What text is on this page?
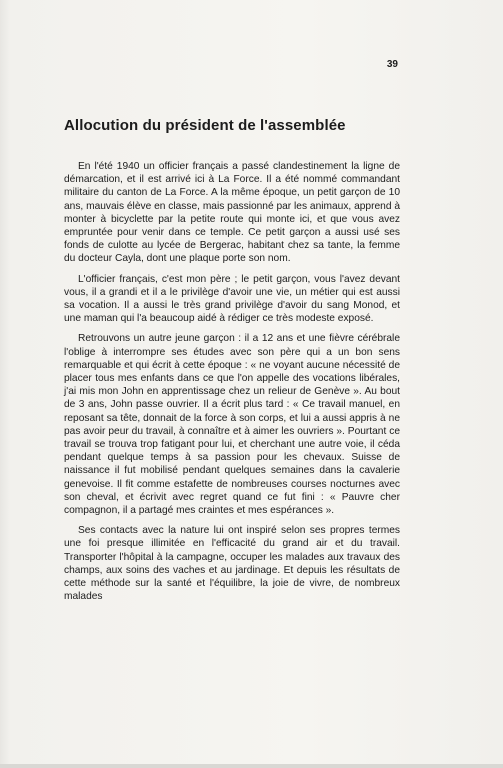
39
Allocution du président de l'assemblée

En l'été 1940 un officier français a passé clandestinement la ligne de démarcation, et il est arrivé ici à La Force. Il a été nommé commandant militaire du canton de La Force. A la même époque, un petit garçon de 10 ans, mauvais élève en classe, mais passionné par les animaux, apprend à monter à bicyclette par la petite route qui monte ici, et que vous avez empruntée pour venir dans ce temple. Ce petit garçon a aussi usé ses fonds de culotte au lycée de Bergerac, habitant chez sa tante, la femme du docteur Cayla, dont une plaque porte son nom.

L'officier français, c'est mon père ; le petit garçon, vous l'avez devant vous, il a grandi et il a le privilège d'avoir une vie, un métier qui est aussi sa vocation. Il a aussi le très grand privilège d'avoir du sang Monod, et une maman qui l'a beaucoup aidé à rédiger ce très modeste exposé.

Retrouvons un autre jeune garçon : il a 12 ans et une fièvre cérébrale l'oblige à interrompre ses études avec son père qui a un bon sens remarquable et qui écrit à cette époque : « ne voyant aucune nécessité de placer tous mes enfants dans ce que l'on appelle des vocations libérales, j'ai mis mon John en apprentissage chez un relieur de Genève ». Au bout de 3 ans, John passe ouvrier. Il a écrit plus tard : « Ce travail manuel, en reposant sa tête, donnait de la force à son corps, et lui a aussi appris à ne pas avoir peur du travail, à connaître et à aimer les ouvriers ». Pourtant ce travail se trouva trop fatigant pour lui, et cherchant une autre voie, il céda pendant quelque temps à sa passion pour les chevaux. Suisse de naissance il fut mobilisé pendant quelques semaines dans la cavalerie genevoise. Il fit comme estafette de nombreuses courses nocturnes avec son cheval, et écrivit avec regret quand ce fut fini : « Pauvre cher compagnon, il a partagé mes craintes et mes espérances ».

Ses contacts avec la nature lui ont inspiré selon ses propres termes une foi presque illimitée en l'efficacité du grand air et du travail. Transporter l'hôpital à la campagne, occuper les malades aux travaux des champs, aux soins des vaches et au jardinage. Et depuis les résultats de cette méthode sur la santé et l'équilibre, la joie de vivre, de nombreux malades
